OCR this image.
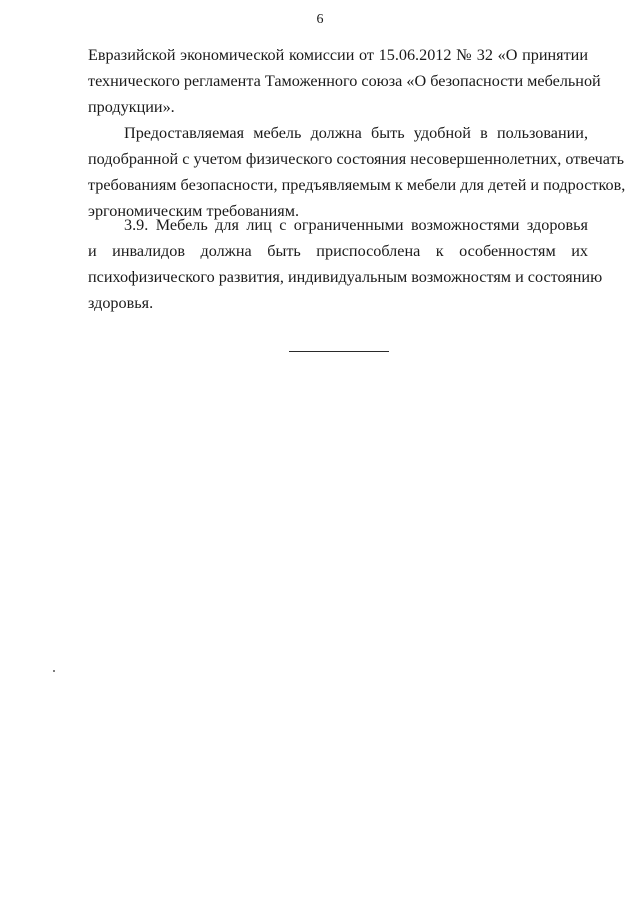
6
Евразийской экономической комиссии от 15.06.2012 № 32 «О принятии
технического регламента Таможенного союза «О безопасности мебельной
продукции».
Предоставляемая мебель должна быть удобной в пользовании,
подобранной с учетом физического состояния несовершеннолетних, отвечать
требованиям безопасности, предъявляемым к мебели для детей и подростков,
эргономическим требованиям.
3.9. Мебель для лиц с ограниченными возможностями здоровья
и инвалидов должна быть приспособлена к особенностям их
психофизического развития, индивидуальным возможностям и состоянию
здоровья.
